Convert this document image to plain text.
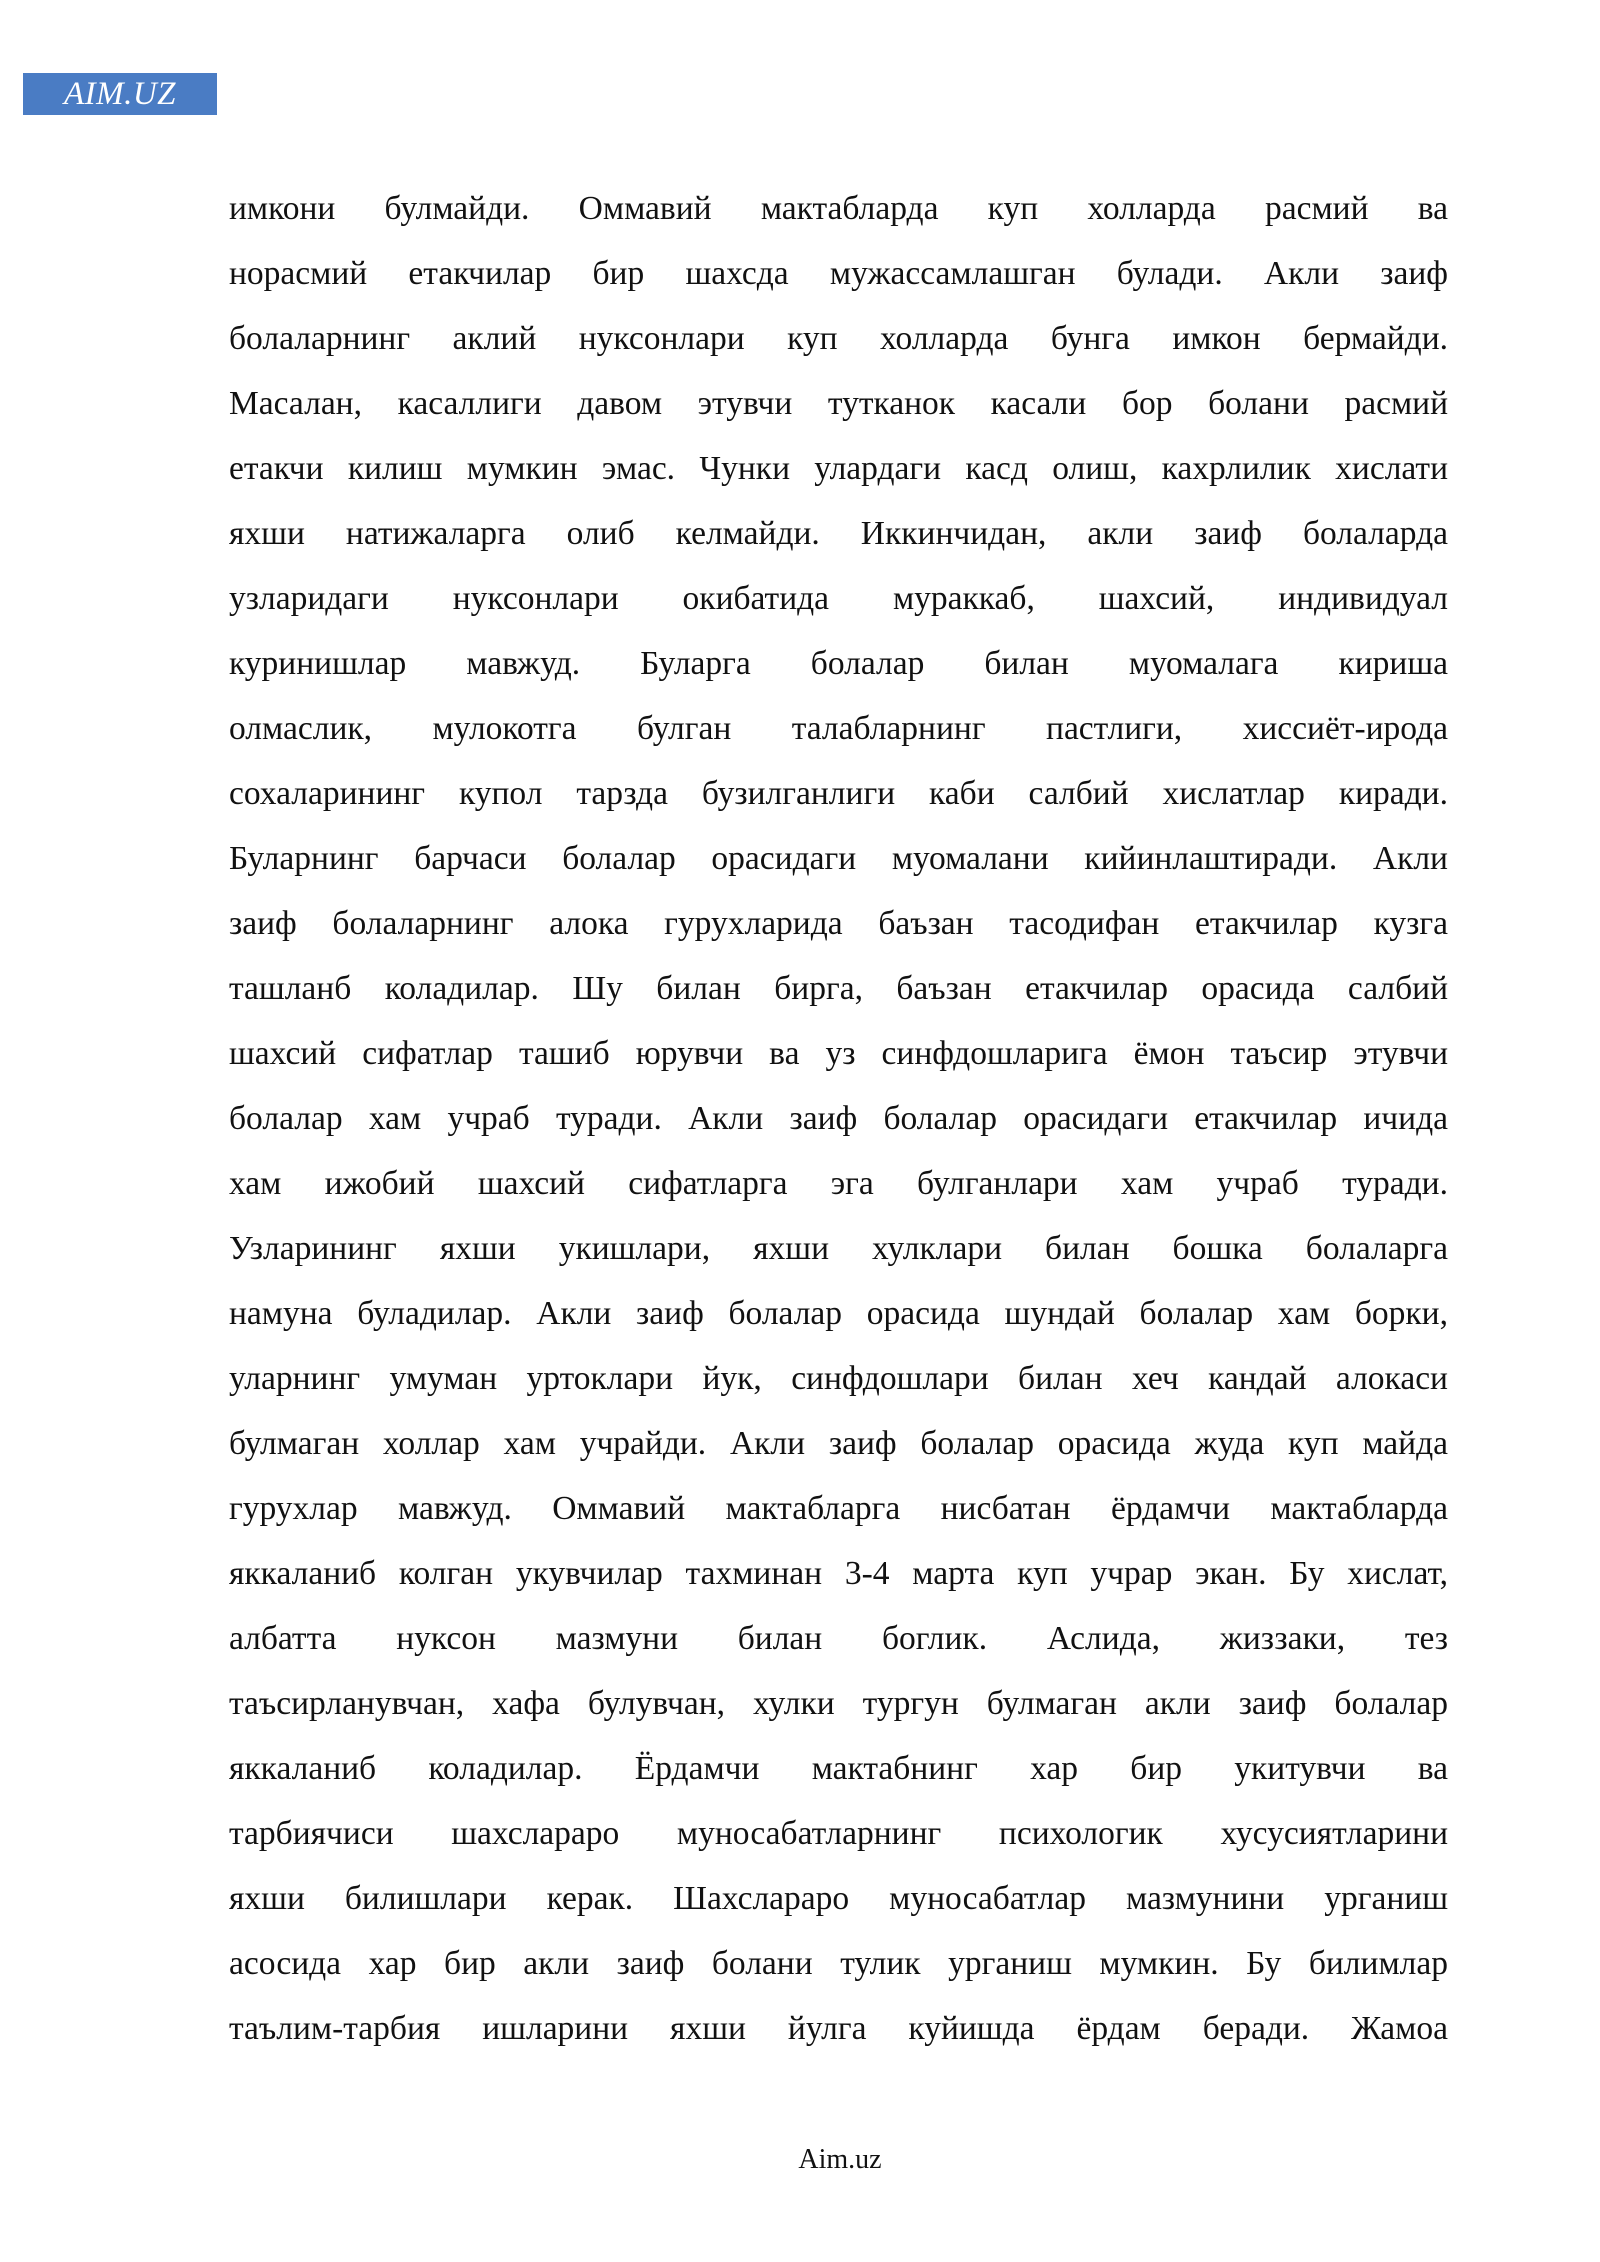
AIM.UZ
имкони булмайди. Оммавий мактабларда куп холларда расмий ва
норасмий етакчилар бир шахсда мужассамлашган булади. Акли заиф
болаларнинг аклий нуксонлари куп холларда бунга имкон бермайди.
Масалан, касаллиги давом этувчи тутканок касали бор болани расмий
етакчи килиш мумкин эмас. Чунки улардаги касд олиш, кахрлилик хислати
яхши натижаларга олиб келмайди. Иккинчидан, акли заиф болаларда
узларидаги нуксонлари окибатида мураккаб, шахсий, индивидуал
куринишлар мавжуд. Буларга болалар билан муомалага кириша
олмаслик, мулокотга булган талабларнинг пастлиги, хиссиёт-ирода
сохаларининг купол тарзда бузилганлиги каби салбий хислатлар киради.
Буларнинг барчаси болалар орасидаги муомалани кийинлаштиради. Акли
заиф болаларнинг алока гурухларида баъзан тасодифан етакчилар кузга
ташланб коладилар. Шу билан бирга, баъзан етакчилар орасида салбий
шахсий сифатлар ташиб юрувчи ва уз синфдошларига ёмон таъсир этувчи
болалар хам учраб туради. Акли заиф болалар орасидаги етакчилар ичида
хам ижобий шахсий сифатларга эга булганлари хам учраб туради.
Узларининг яхши укишлари, яхши хулклари билан бошка болаларга
намуна буладилар. Акли заиф болалар орасида шундай болалар хам борки,
уларнинг умуман уртоклари йук, синфдошлари билан хеч кандай алокаси
булмаган холлар хам учрайди. Акли заиф болалар орасида жуда куп майда
гурухлар мавжуд. Оммавий мактабларга нисбатан ёрдамчи мактабларда
яккаланиб колган укувчилар тахминан 3-4 марта куп учрар экан. Бу хислат,
албатта нуксон мазмуни билан боглик. Аслида, жиззаки, тез
таъсирланувчан, хафа булувчан, хулки тургун булмаган акли заиф болалар
яккаланиб коладилар. Ёрдамчи мактабнинг хар бир укитувчи ва
тарбиячиси шахсларaро муносабатларнинг психологик хусусиятларини
яхши билишлари керак. Шахслараро муносабатлар мазмунини урганиш
асосида хар бир акли заиф болани тулик урганиш мумкин. Бу билимлар
таълим-тарбия ишларини яхши йулга куйишда ёрдам беради. Жамоа
Aim.uz
